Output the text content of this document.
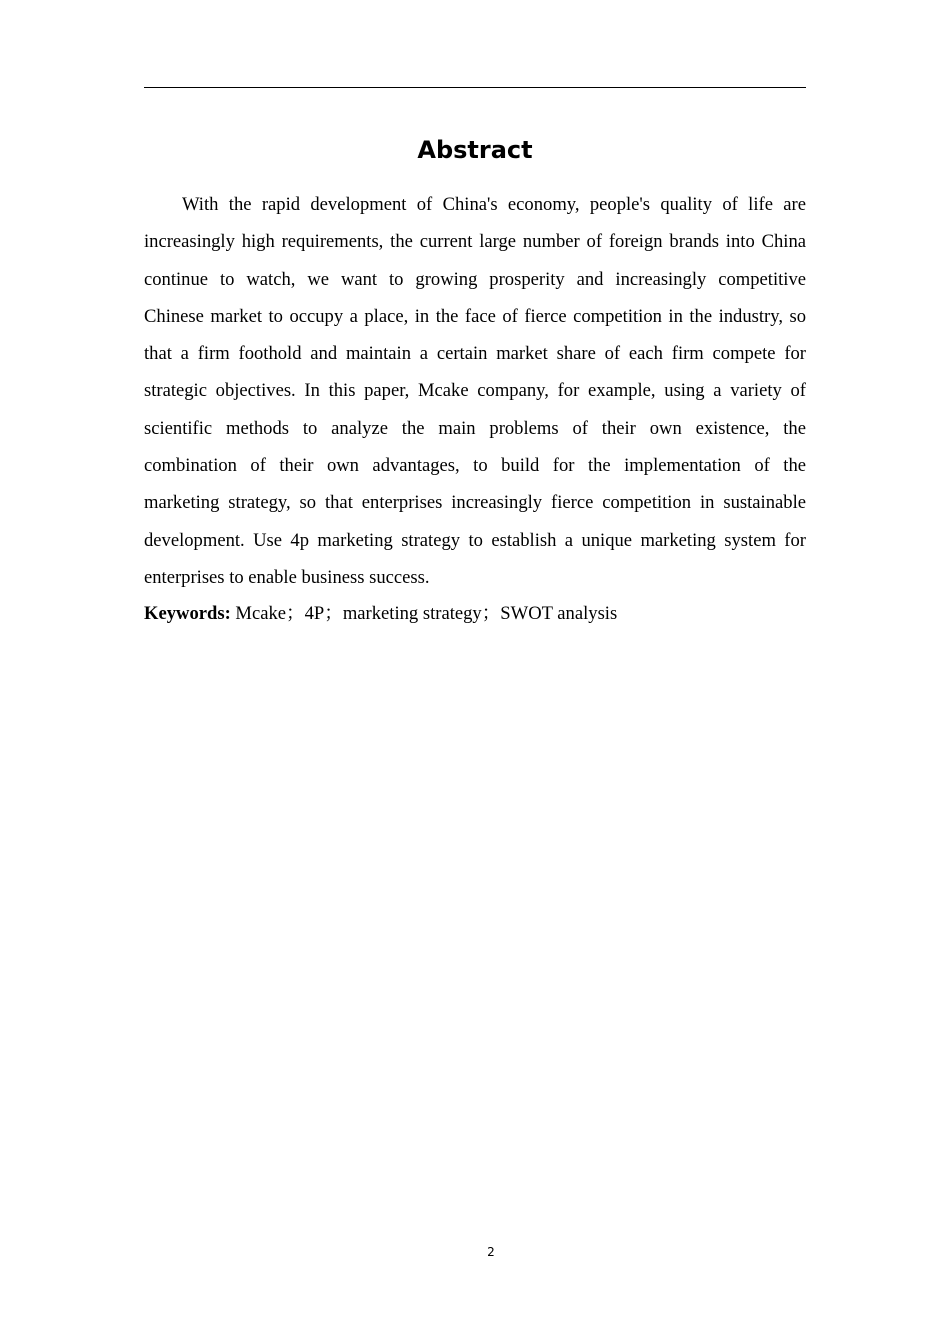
Abstract
With the rapid development of China's economy, people's quality of life are
increasingly high requirements, the current large number of foreign brands into China
continue to watch, we want to growing prosperity and increasingly competitive
Chinese market to occupy a place, in the face of fierce competition in the industry, so
that a firm foothold and maintain a certain market share of each firm compete for
strategic objectives. In this paper, Mcake company, for example, using a variety of
scientific methods to analyze the main problems of their own existence, the
combination of their own advantages, to build for the implementation of the
marketing strategy, so that enterprises increasingly fierce competition in sustainable
development. Use 4p marketing strategy to establish a unique marketing system for
enterprises to enable business success.

Keywords: Mcake；4P；marketing strategy；SWOT analysis

2
